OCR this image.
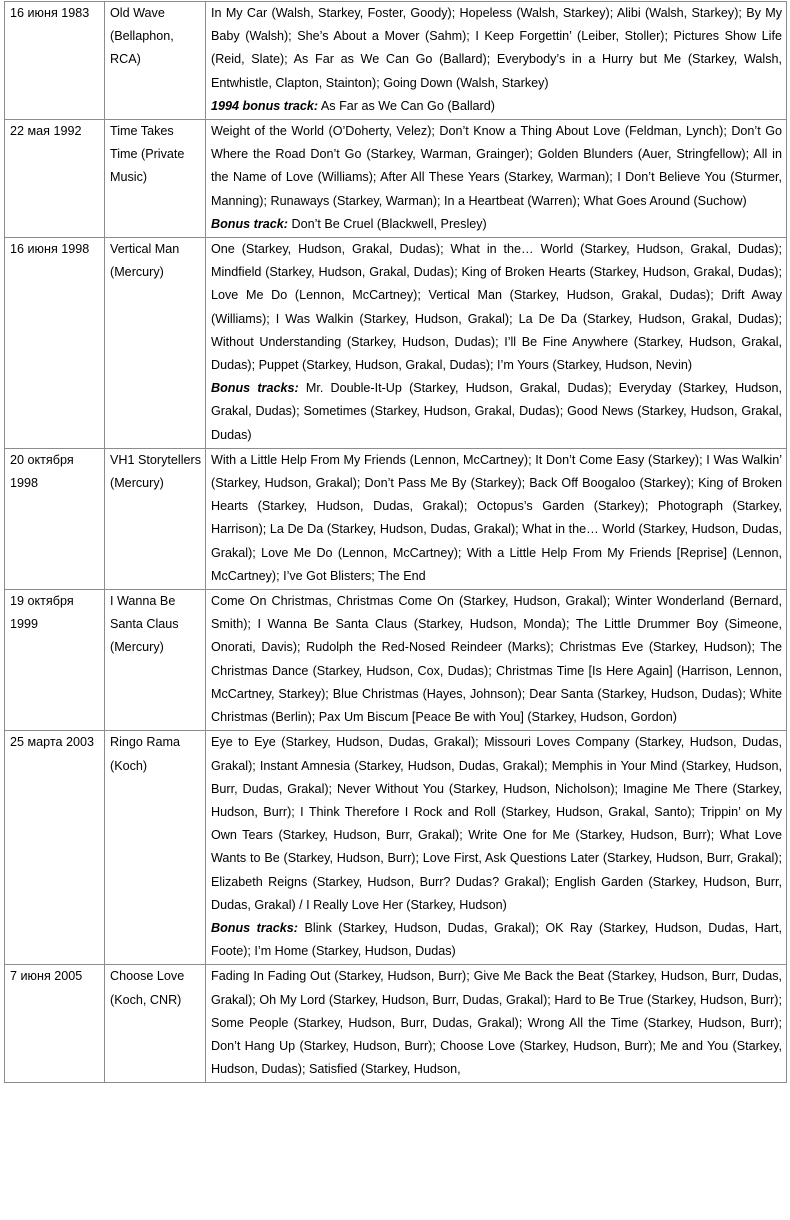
16 июня 1983	Old Wave (Bellaphon, RCA)	In My Car (Walsh, Starkey, Foster, Goody); Hopeless (Walsh, Starkey); Alibi (Walsh, Starkey); By My Baby (Walsh); She’s About a Mover (Sahm); I Keep Forgettin’ (Leiber, Stoller); Pictures Show Life (Reid, Slate); As Far as We Can Go (Ballard); Everybody’s in a Hurry but Me (Starkey, Walsh, Entwhistle, Clapton, Stainton); Going Down (Walsh, Starkey)

1994 bonus track: As Far as We Can Go (Ballard)

22 мая 1992	Time Takes Time (Private Music)	Weight of the World (O’Doherty, Velez); Don’t Know a Thing About Love (Feldman, Lynch); Don’t Go Where the Road Don’t Go (Starkey, Warman, Grainger); Golden Blunders (Auer, Stringfellow); All in the Name of Love (Williams); After All These Years (Starkey, Warman); I Don’t Believe You (Sturmer, Manning); Runaways (Starkey, Warman); In a Heartbeat (Warren); What Goes Around (Suchow)

Bonus track: Don’t Be Cruel (Blackwell, Presley)

16 июня 1998	Vertical Man (Mercury)	One (Starkey, Hudson, Grakal, Dudas); What in the… World (Starkey, Hudson, Grakal, Dudas); Mindfield (Starkey, Hudson, Grakal, Dudas); King of Broken Hearts (Starkey, Hudson, Grakal, Dudas); Love Me Do (Lennon, McCartney); Vertical Man (Starkey, Hudson, Grakal, Dudas); Drift Away (Williams); I Was Walkin (Starkey, Hudson, Grakal); La De Da (Starkey, Hudson, Grakal, Dudas); Without Understanding (Starkey, Hudson, Dudas); I’ll Be Fine Anywhere (Starkey, Hudson, Grakal, Dudas); Puppet (Starkey, Hudson, Grakal, Dudas); I’m Yours (Starkey, Hudson, Nevin)

Bonus tracks: Mr. Double-It-Up (Starkey, Hudson, Grakal, Dudas); Everyday (Starkey, Hudson, Grakal, Dudas); Sometimes (Starkey, Hudson, Grakal, Dudas); Good News (Starkey, Hudson, Grakal, Dudas)

20 октября 1998	VH1 Storytellers (Mercury)	With a Little Help From My Friends (Lennon, McCartney); It Don’t Come Easy (Starkey); I Was Walkin’ (Starkey, Hudson, Grakal); Don’t Pass Me By (Starkey); Back Off Boogaloo (Starkey); King of Broken Hearts (Starkey, Hudson, Dudas, Grakal); Octopus’s Garden (Starkey); Photograph (Starkey, Harrison); La De Da (Starkey, Hudson, Dudas, Grakal); What in the… World (Starkey, Hudson, Dudas, Grakal); Love Me Do (Lennon, McCartney); With a Little Help From My Friends [Reprise] (Lennon, McCartney); I’ve Got Blisters; The End

19 октября 1999	I Wanna Be Santa Claus (Mercury)	Come On Christmas, Christmas Come On (Starkey, Hudson, Grakal); Winter Wonderland (Bernard, Smith); I Wanna Be Santa Claus (Starkey, Hudson, Monda); The Little Drummer Boy (Simeone, Onorati, Davis); Rudolph the Red-Nosed Reindeer (Marks); Christmas Eve (Starkey, Hudson); The Christmas Dance (Starkey, Hudson, Cox, Dudas); Christmas Time [Is Here Again] (Harrison, Lennon, McCartney, Starkey); Blue Christmas (Hayes, Johnson); Dear Santa (Starkey, Hudson, Dudas); White Christmas (Berlin); Pax Um Biscum [Peace Be with You] (Starkey, Hudson, Gordon)

25 марта 2003	Ringo Rama (Koch)	Eye to Eye (Starkey, Hudson, Dudas, Grakal); Missouri Loves Company (Starkey, Hudson, Dudas, Grakal); Instant Amnesia (Starkey, Hudson, Dudas, Grakal); Memphis in Your Mind (Starkey, Hudson, Burr, Dudas, Grakal); Never Without You (Starkey, Hudson, Nicholson); Imagine Me There (Starkey, Hudson, Burr); I Think Therefore I Rock and Roll (Starkey, Hudson, Grakal, Santo); Trippin’ on My Own Tears (Starkey, Hudson, Burr, Grakal); Write One for Me (Starkey, Hudson, Burr); What Love Wants to Be (Starkey, Hudson, Burr); Love First, Ask Questions Later (Starkey, Hudson, Burr, Grakal); Elizabeth Reigns (Starkey, Hudson, Burr? Dudas? Grakal); English Garden (Starkey, Hudson, Burr, Dudas, Grakal) / I Really Love Her (Starkey, Hudson)

Bonus tracks: Blink (Starkey, Hudson, Dudas, Grakal); OK Ray (Starkey, Hudson, Dudas, Hart, Foote); I’m Home (Starkey, Hudson, Dudas)

7 июня 2005	Choose Love (Koch, CNR)	Fading In Fading Out (Starkey, Hudson, Burr); Give Me Back the Beat (Starkey, Hudson, Burr, Dudas, Grakal); Oh My Lord (Starkey, Hudson, Burr, Dudas, Grakal); Hard to Be True (Starkey, Hudson, Burr); Some People (Starkey, Hudson, Burr, Dudas, Grakal); Wrong All the Time (Starkey, Hudson, Burr); Don’t Hang Up (Starkey, Hudson, Burr); Choose Love (Starkey, Hudson, Burr); Me and You (Starkey, Hudson, Dudas); Satisfied (Starkey, Hudson,
